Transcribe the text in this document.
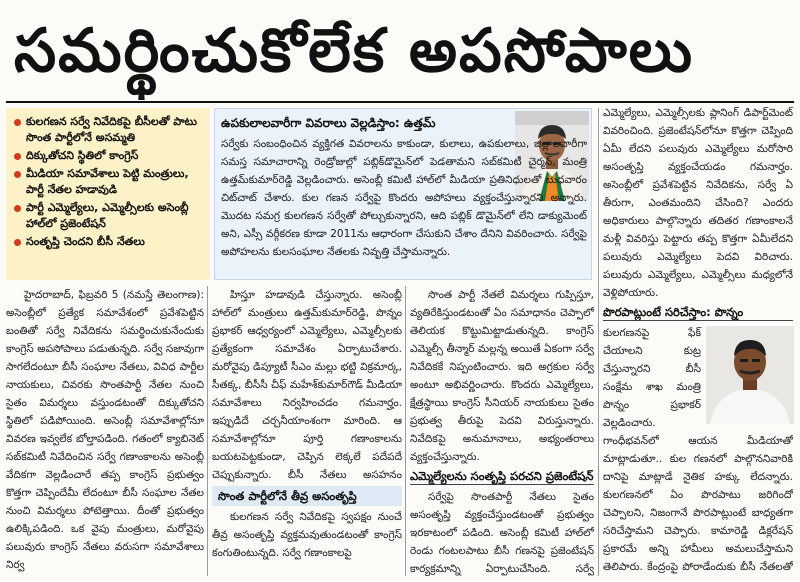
సమర్థించుకోలేక అపసోపాలు
కులగణన సర్వే నివేదికపై బీసీలతో పాటు సొంత పార్టీలోనే అసమ్మతి
దిక్కుతోచని స్థితిలో కాంగ్రెస్
మీడియా సమావేశాలు పెట్టి మంత్రులు, పార్టీ నేతల హడావుడి
పార్టీ ఎమ్మెల్యేలు, ఎమ్మెల్సీలకు అసెంబ్లీ హాల్‌లో ప్రజెంటేషన్
సంతృప్తి చెందని బీసీ నేతలు
ఉపకులాలవారీగా వివరాలు వెల్లడిస్తాం: ఉత్తమ్
సర్వేకు సంబంధించిన వ్యక్తిగత వివరాలను కాకుండా, కులాలు, ఉపకులాలు, జిల్లాలవారీగా సమస్త సమాచారాన్ని రెండ్రోజుల్లో పబ్లిక్‌డొమైన్‌లో పెడతామని సబ్‌కమిటీ చైర్మన్, మంత్రి ఉత్తమ్‌కుమార్‌రెడ్డి వెల్లడించారు. అసెంబ్లీ కమిటీ హాల్‌లో మీడియా ప్రతినిధులతో బుధవారం చిట్‌చాట్ చేశారు. కుల గణన సర్వేపై కొందరు అపోహలు వ్యక్తంచేస్తున్నారని అన్నారు. మొదట సమగ్ర కులగణన సర్వేతో పోల్చుకున్నారని, ఆది పబ్లిక్ డొమైన్‌లో లేని డాక్యుమెంట్ అని, ఎస్సీ వర్గీకరణ కూడా 2011ను ఆధారంగా చేసుకుని చేశాం దేనిని వివరించారు. సర్వేపై అపోహలను కులసంఘాల నేతలకు నివృత్తి చేస్తామన్నారు.

హైదరాబాద్, ఫిబ్రవరి 5 (నమస్తే తెలంగాణ): అసెంబ్లీలో ప్రత్యేక సమావేశంలో ప్రవేశపెట్టిన బంతితో సర్వే నివేదికను సమర్థించుకునేందుకు కాంగ్రెస్ అపసోపాలు పడుతున్నది. సర్వే సజావుగా సాగలేదంటూ బీసీ సంఘాల నేతలు, వివిధ పార్టీల నాయకులు, చివరకు సొంతపార్టీ నేతల నుంచి సైతం విమర్శలు వస్తుండటంతో దిక్కుతోచని స్థితిలో పడిపోయింది. అసెంబ్లీ సమావేశాల్లోనూ వివరణ ఇవ్వలేక బోల్తాపడింది. గతంలో క్యాబినెట్ సబ్‌కమిటీ నివేదించిన సర్వే గణాంకాలను అసెంబ్లీ వేదికగా వెల్లడించారే తప్ప కాంగ్రెస్ ప్రభుత్వం కొత్తగా చెప్పిందేమీ లేదంటూ బీసీ సంఘాల నేతల నుంచి విమర్శలు పోటెత్తాయి. దీంతో ప్రభుత్వం ఉలిక్కిపడింది. ఒక వైపు మంత్రులు, మరోవైపు పలువురు కాంగ్రెస్ నేతలు వరుసగా సమావేశాలు నిర్వ

హిస్తూ హడావుడి చేస్తున్నారు. అసెంబ్లీ హాల్‌లో మంత్రులు ఉత్తమ్‌కుమార్‌రెడ్డి, పొన్నం ప్రభాకర్ ఆధ్వర్యంలో ఎమ్మెల్యేలు, ఎమ్మెల్సీలకు ప్రత్యేకంగా సమావేశం ఏర్పాటుచేశారు. మరోవైపు డిప్యూటీ సీఎం మల్లు భట్టి విక్రమార్క, సీతక్క, బీసీసీ చీఫ్ మహేశ్‌కుమార్‌గౌడ్ మీడియా సమావేశాలు నిర్వహించడం గమనార్హం. ఇప్పుడిదే చర్చనీయాంశంగా మారింది. ఆ సమావేశాల్లోనూ పూర్తి గణాంకాలను బయటపెట్టకుండా, చెప్పిన లెక్కలే పదేపదే చెప్పుకున్నారు. బీసీ నేతలు అసహనం

సొంత పార్టీలోనే తీవ్ర అసంతృప్తి

కులగణన సర్వే నివేదికపై స్వపక్షం నుంచే తీవ్ర అసంతృప్తి వ్యక్తమవుతుండటంతో కాంగ్రెస్ కంగుతింటున్నది. సర్వే గణాంకాలపై

సొంత పార్టీ నేతలే విమర్శలు గుప్పిస్తూ, వ్యతిరేకిస్తుండటంతో ఏం సమాధానం చెప్పాలో తెలియక కొట్టుమిట్టాడుతున్నది. కాంగ్రెస్ ఎమ్మెల్సీ తీన్మార్ మల్లన్న అయితే ఏకంగా సర్వే నివేదికకే నిప్పంటించారు. ఇది అగ్రకుల సర్వే అంటూ అభివర్ణించారు. కొందరు ఎమ్మెల్యేలు, క్షేత్రస్థాయి కాంగ్రెస్ సీనియర్ నాయకులు సైతం ప్రభుత్వ తీరుపై పెదవి విరుస్తున్నారు. నివేదికపై అనుమానాలు, అభ్యంతరాలు వ్యక్తంచేస్తున్నారు.

ఎమ్మెల్యేలను సంతృప్తి పరచని ప్రజెంటేషన్

సర్వేపై సొంతపార్టీ నేతలు సైతం అసంతృప్తి వ్యక్తంచేస్తుండటంతో ప్రభుత్వం ఇరకాటంలో పడింది. అసెంబ్లీ కమిటీ హాల్‌లో రెండు గంటలపాటు బీసీ గణనపై ప్రజెంటేషన్ కార్యక్రమాన్ని ఏర్పాటుచేసింది. సర్వే

ఎమ్మెల్యేలు, ఎమ్మెల్సీలకు ప్లానింగ్ డిపార్ట్‌మెంట్ వివరించింది. ప్రజెంటేషన్‌లోనూ కొత్తగా చెప్పింది ఏమీ లేదని పలువురు ఎమ్మెల్యేలు మరోసారి అసంతృప్తి వ్యక్తంచేయడం గమనార్హం. అసెంబ్లీలో ప్రవేశపెట్టిన నివేదికను, సర్వే ఏ తీరుగా, ఎంతమందిని చేసింది? ఎందరు అధికారులు పాల్గొన్నారు తదితర గణాంకాలనే మళ్లీ వివరిస్తు పెట్టారు తప్ప కొత్తగా ఏమీలేదని పలువురు ఎమ్మెల్యేలు పెదవి విరిచారు. పలువురు ఎమ్మెల్యేలు, ఎమ్మెల్సీలు మధ్యలోనే వెళ్లిపోయారు.

పొరపాట్లుంటే సరిచేస్తాం: పొన్నం

కులగణనపై ఫేక్ చేయాలని కుట్ర చేస్తున్నారని బీసీ సంక్షేమ శాఖ మంత్రి పొన్నం ప్రభాకర్ వెల్లడించారు. గాంధీభవన్‌లో ఆయన మీడియాతో మాట్లాడుతూ.. కుల గణనలో పాల్గొననివారికి దానిపై మాట్లాడే నైతిక హక్కు లేదన్నారు. కులగణనలో ఏం పొరపాటు జరిగిందో చెప్పాలని, నిజంగానే పొరపాట్లుంటే బాధ్యతగా సరిచేస్తామని చెప్పారు. కామారెడ్డి డిక్లరేషన్ ప్రకారమే అన్ని హామీలు అమలుచేస్తామని తెలిపారు. కేంద్రంపై పోరాడేందుకు బీసీ నేతలతో
